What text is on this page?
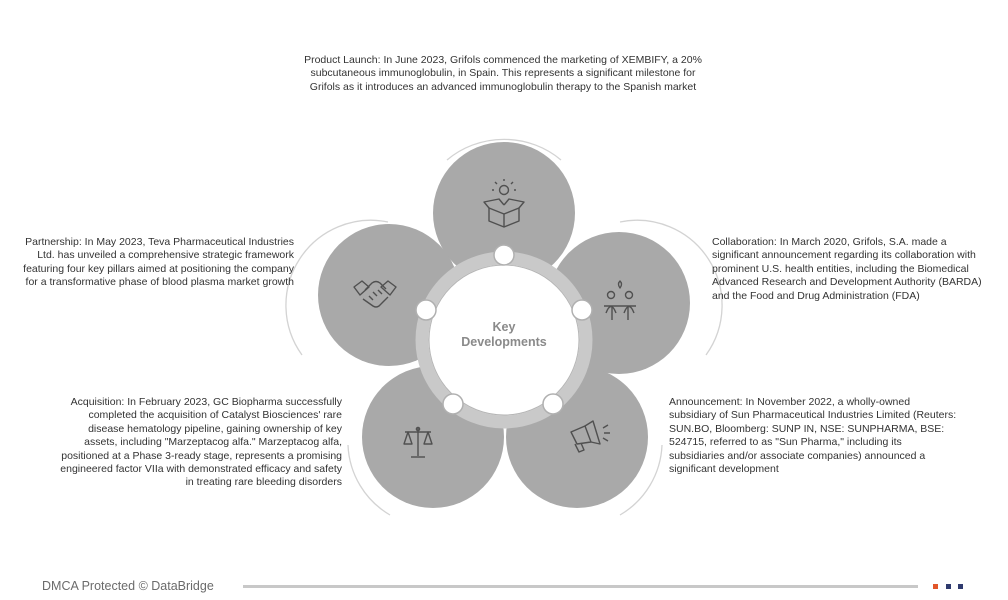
Key
Developments
Product Launch: In June 2023, Grifols commenced the marketing of XEMBIFY, a 20% subcutaneous immunoglobulin, in Spain. This represents a significant milestone for Grifols as it introduces an advanced immunoglobulin therapy to the Spanish market
Collaboration: In March 2020, Grifols, S.A. made a significant announcement regarding its collaboration with prominent U.S. health entities, including the Biomedical Advanced Research and Development Authority (BARDA) and the Food and Drug Administration (FDA)
Announcement: In November 2022, a wholly-owned subsidiary of Sun Pharmaceutical Industries Limited (Reuters: SUN.BO, Bloomberg: SUNP IN, NSE: SUNPHARMA, BSE: 524715, referred to as "Sun Pharma," including its subsidiaries and/or associate companies) announced a significant development
Acquisition: In February 2023, GC Biopharma successfully completed the acquisition of Catalyst Biosciences' rare disease hematology pipeline, gaining ownership of key assets, including "Marzeptacog alfa." Marzeptacog alfa, positioned at a Phase 3-ready stage, represents a promising engineered factor VIIa with demonstrated efficacy and safety in treating rare bleeding disorders
Partnership: In May 2023, Teva Pharmaceutical Industries Ltd. has unveiled a comprehensive strategic framework featuring four key pillars aimed at positioning the company for a transformative phase of blood plasma market growth
DMCA Protected © DataBridge
